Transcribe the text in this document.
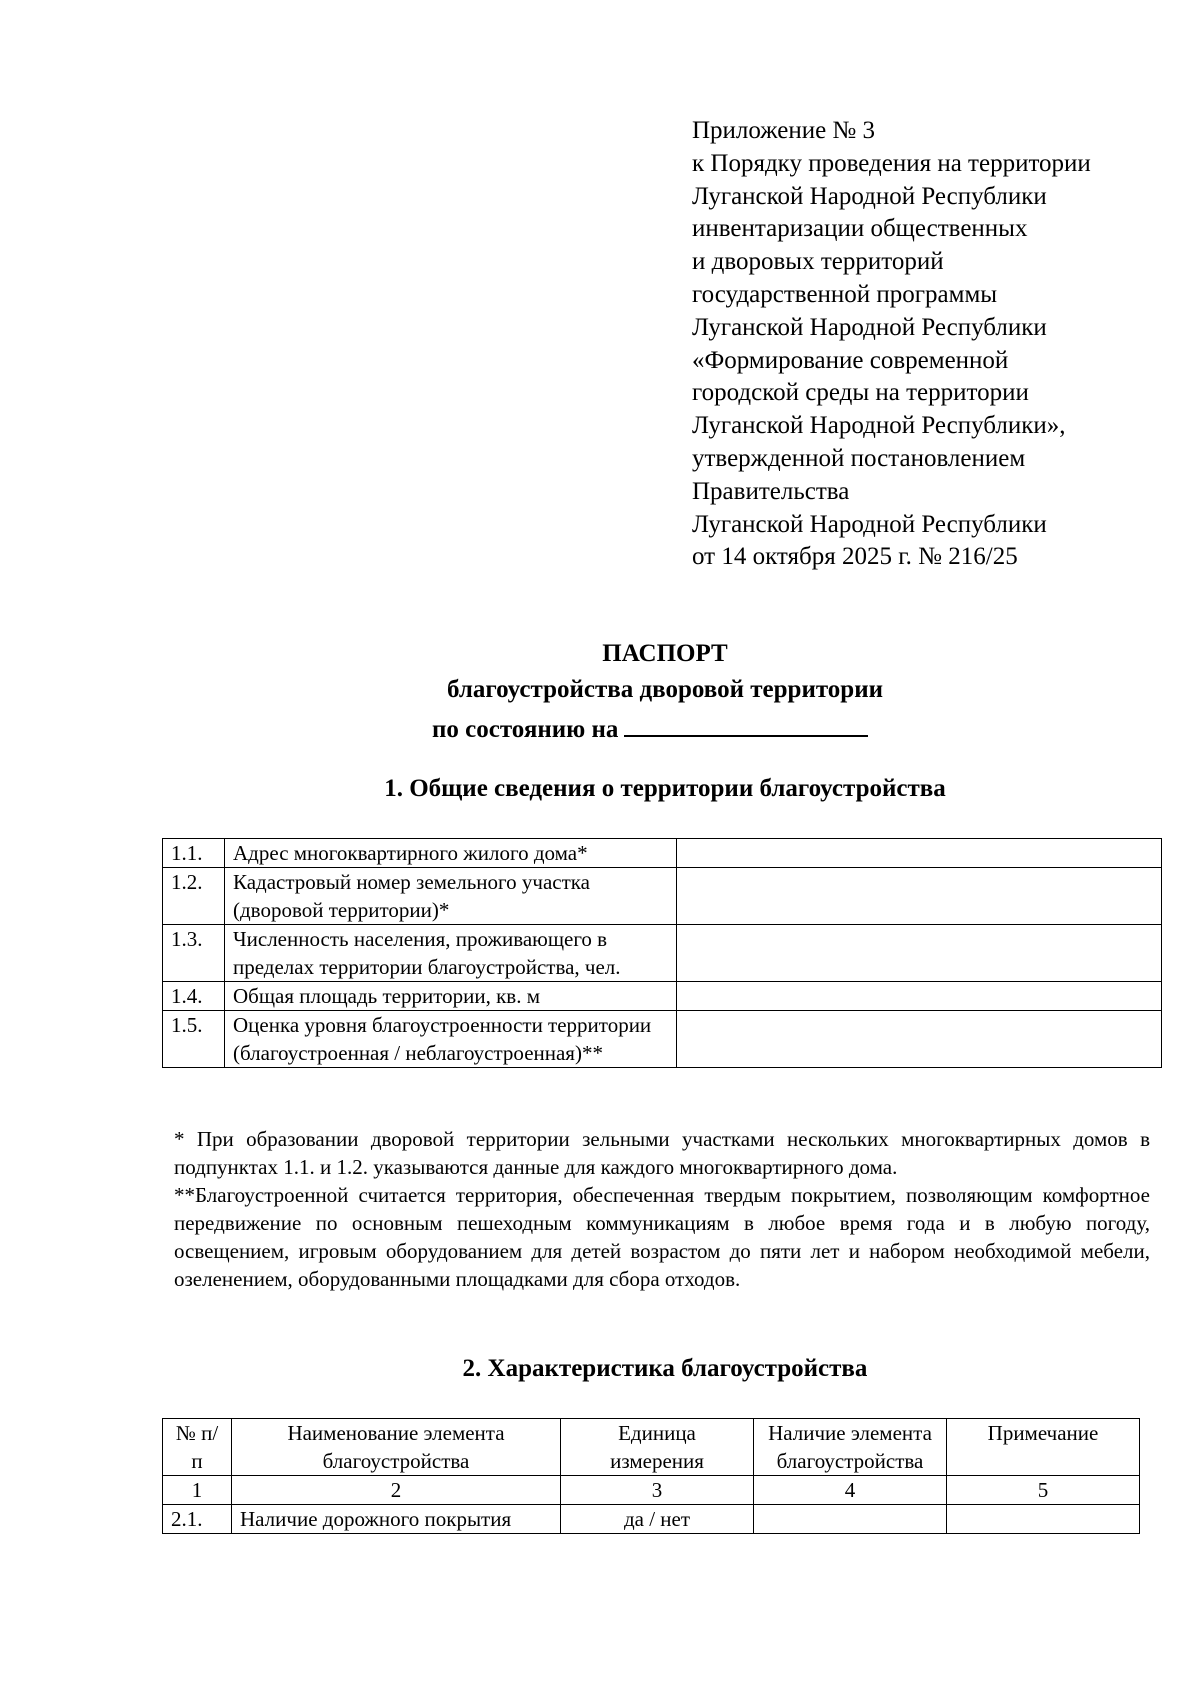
Приложение № 3
к Порядку проведения на территории
Луганской Народной Республики
инвентаризации общественных
и дворовых территорий
государственной программы
Луганской Народной Республики
«Формирование современной
городской среды на территории
Луганской Народной Республики»,
утвержденной постановлением
Правительства
Луганской Народной Республики
от 14 октября 2025 г. № 216/25
ПАСПОРТ
благоустройства дворовой территории
по состоянию на
1. Общие сведения о территории благоустройства
1.1.	Адрес многоквартирного жилого дома*	
1.2.	Кадастровый номер земельного участка (дворовой территории)*	
1.3.	Численность населения, проживающего в пределах территории благоустройства, чел.	
1.4.	Общая площадь территории, кв. м	
1.5.	Оценка уровня благоустроенности территории (благоустроенная / неблагоустроенная)**	

* При образовании дворовой территории зельными участками нескольких многоквартирных домов в подпунктах 1.1. и 1.2. указываются данные для каждого многоквартирного дома.

**Благоустроенной считается территория, обеспеченная твердым покрытием, позволяющим комфортное передвижение по основным пешеходным коммуникациям в любое время года и в любую погоду, освещением, игровым оборудованием для детей возрастом до пяти лет и набором необходимой мебели, озеленением, оборудованными площадками для сбора отходов.

2. Характеристика благоустройства
№ п/п	Наименование элемента благоустройства	Единица измерения	Наличие элемента благоустройства	Примечание
1	2	3	4	5
2.1.	Наличие дорожного покрытия	да / нет		
